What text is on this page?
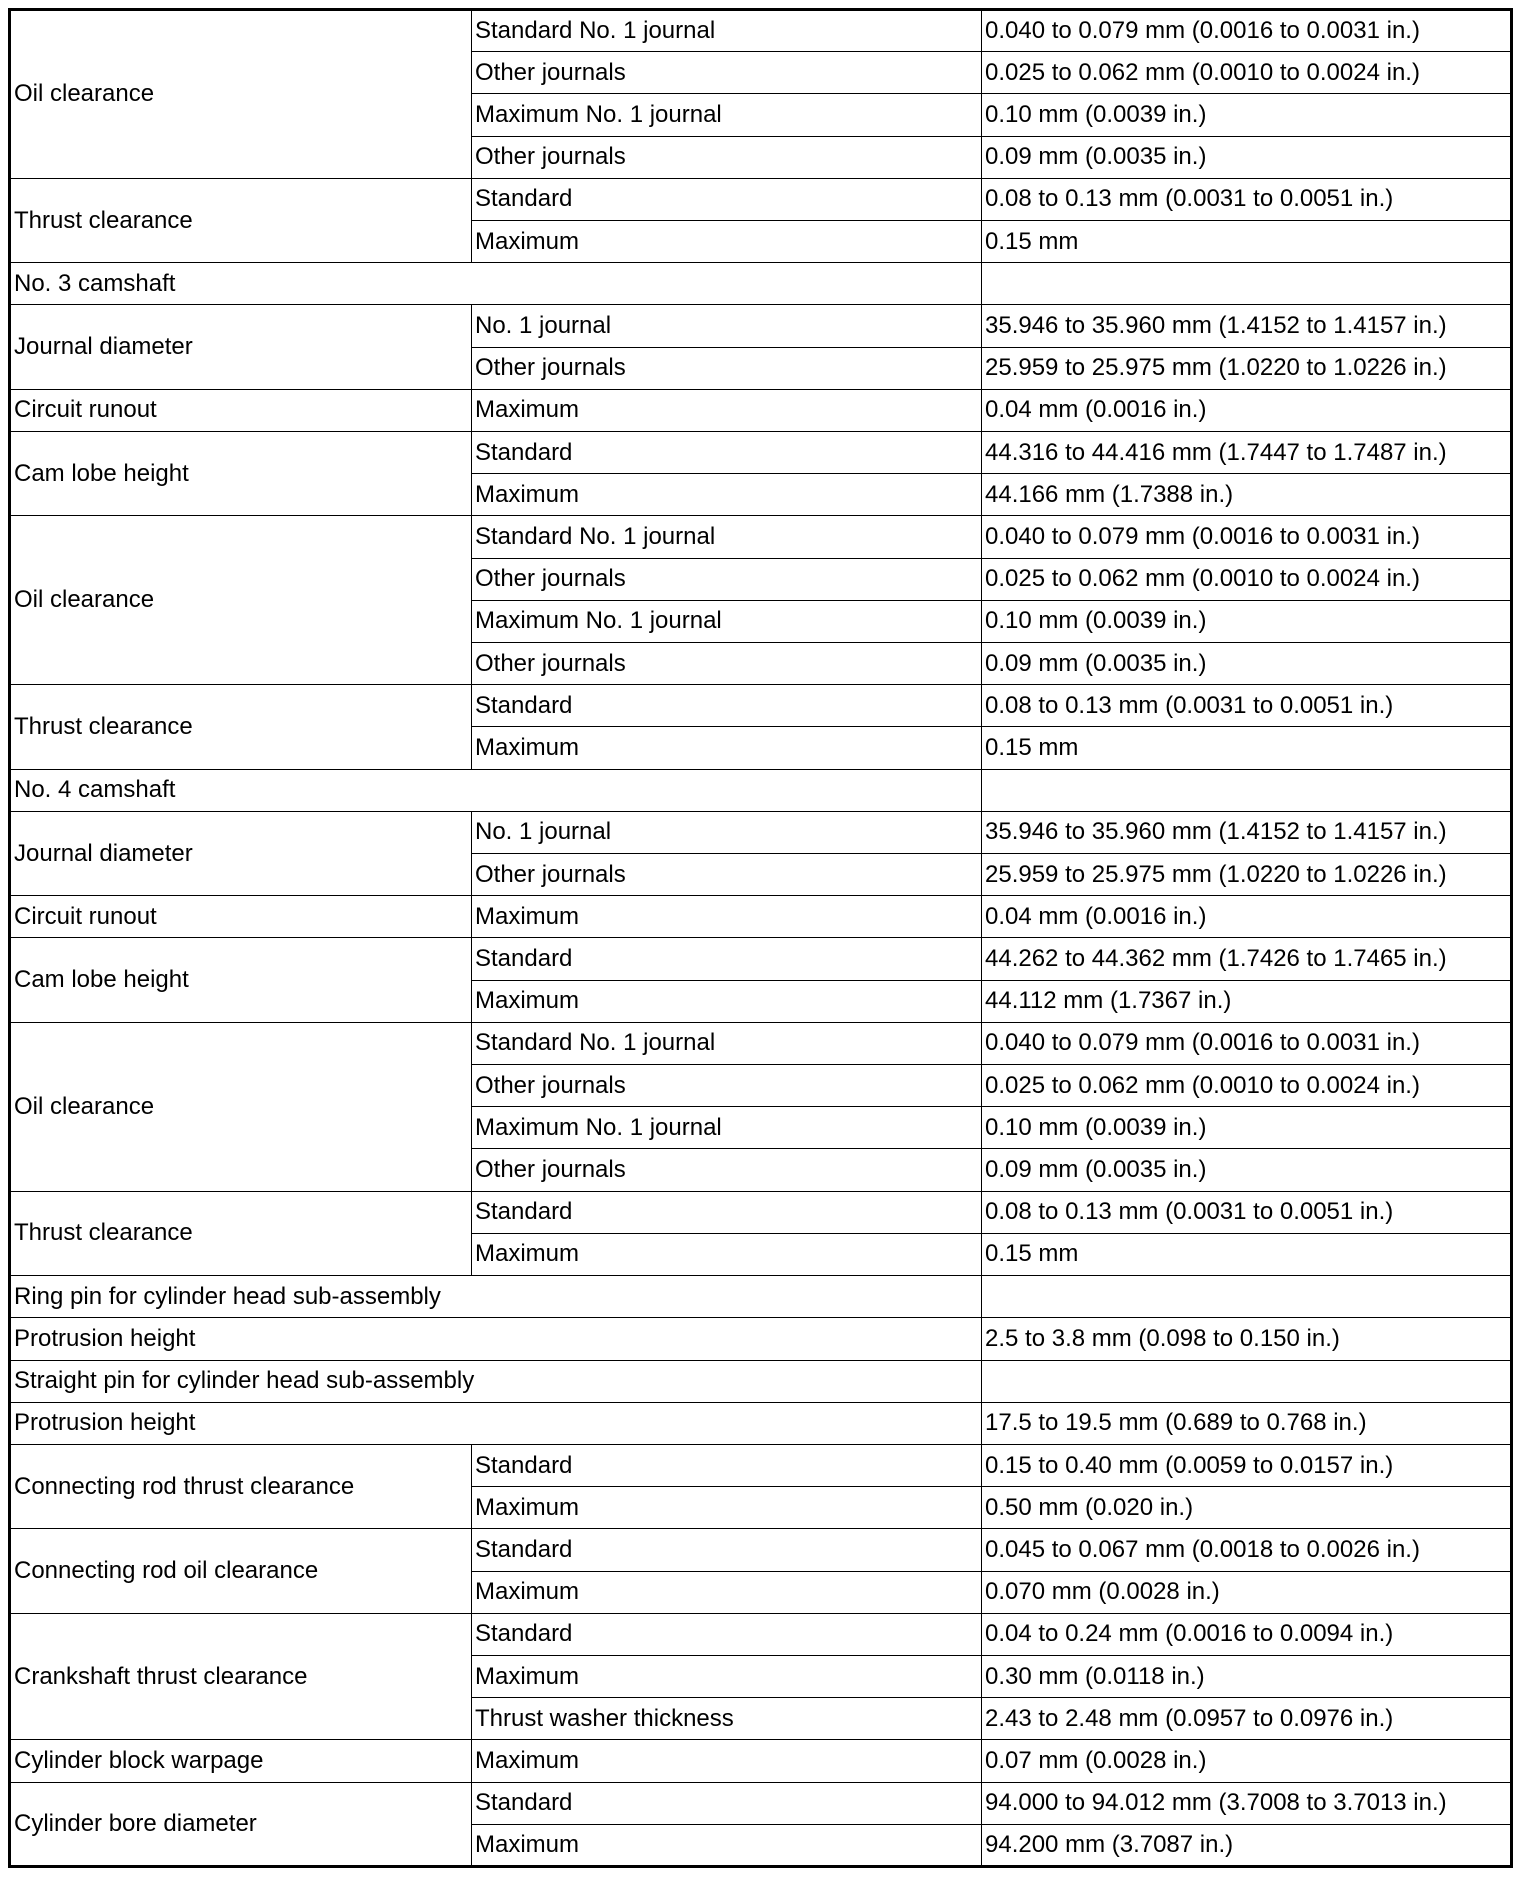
Oil clearance	Standard No. 1 journal	0.040 to 0.079 mm (0.0016 to 0.0031 in.)
	Other journals	0.025 to 0.062 mm (0.0010 to 0.0024 in.)
	Maximum No. 1 journal	0.10 mm (0.0039 in.)
	Other journals	0.09 mm (0.0035 in.)
Thrust clearance	Standard	0.08 to 0.13 mm (0.0031 to 0.0051 in.)
	Maximum	0.15 mm
No. 3 camshaft		
Journal diameter	No. 1 journal	35.946 to 35.960 mm (1.4152 to 1.4157 in.)
	Other journals	25.959 to 25.975 mm (1.0220 to 1.0226 in.)
Circuit runout	Maximum	0.04 mm (0.0016 in.)
Cam lobe height	Standard	44.316 to 44.416 mm (1.7447 to 1.7487 in.)
	Maximum	44.166 mm (1.7388 in.)
Oil clearance	Standard No. 1 journal	0.040 to 0.079 mm (0.0016 to 0.0031 in.)
	Other journals	0.025 to 0.062 mm (0.0010 to 0.0024 in.)
	Maximum No. 1 journal	0.10 mm (0.0039 in.)
	Other journals	0.09 mm (0.0035 in.)
Thrust clearance	Standard	0.08 to 0.13 mm (0.0031 to 0.0051 in.)
	Maximum	0.15 mm
No. 4 camshaft		
Journal diameter	No. 1 journal	35.946 to 35.960 mm (1.4152 to 1.4157 in.)
	Other journals	25.959 to 25.975 mm (1.0220 to 1.0226 in.)
Circuit runout	Maximum	0.04 mm (0.0016 in.)
Cam lobe height	Standard	44.262 to 44.362 mm (1.7426 to 1.7465 in.)
	Maximum	44.112 mm (1.7367 in.)
Oil clearance	Standard No. 1 journal	0.040 to 0.079 mm (0.0016 to 0.0031 in.)
	Other journals	0.025 to 0.062 mm (0.0010 to 0.0024 in.)
	Maximum No. 1 journal	0.10 mm (0.0039 in.)
	Other journals	0.09 mm (0.0035 in.)
Thrust clearance	Standard	0.08 to 0.13 mm (0.0031 to 0.0051 in.)
	Maximum	0.15 mm
Ring pin for cylinder head sub-assembly		
Protrusion height		2.5 to 3.8 mm (0.098 to 0.150 in.)
Straight pin for cylinder head sub-assembly		
Protrusion height		17.5 to 19.5 mm (0.689 to 0.768 in.)
Connecting rod thrust clearance	Standard	0.15 to 0.40 mm (0.0059 to 0.0157 in.)
	Maximum	0.50 mm (0.020 in.)
Connecting rod oil clearance	Standard	0.045 to 0.067 mm (0.0018 to 0.0026 in.)
	Maximum	0.070 mm (0.0028 in.)
Crankshaft thrust clearance	Standard	0.04 to 0.24 mm (0.0016 to 0.0094 in.)
	Maximum	0.30 mm (0.0118 in.)
	Thrust washer thickness	2.43 to 2.48 mm (0.0957 to 0.0976 in.)
Cylinder block warpage	Maximum	0.07 mm (0.0028 in.)
Cylinder bore diameter	Standard	94.000 to 94.012 mm (3.7008 to 3.7013 in.)
	Maximum	94.200 mm (3.7087 in.)
